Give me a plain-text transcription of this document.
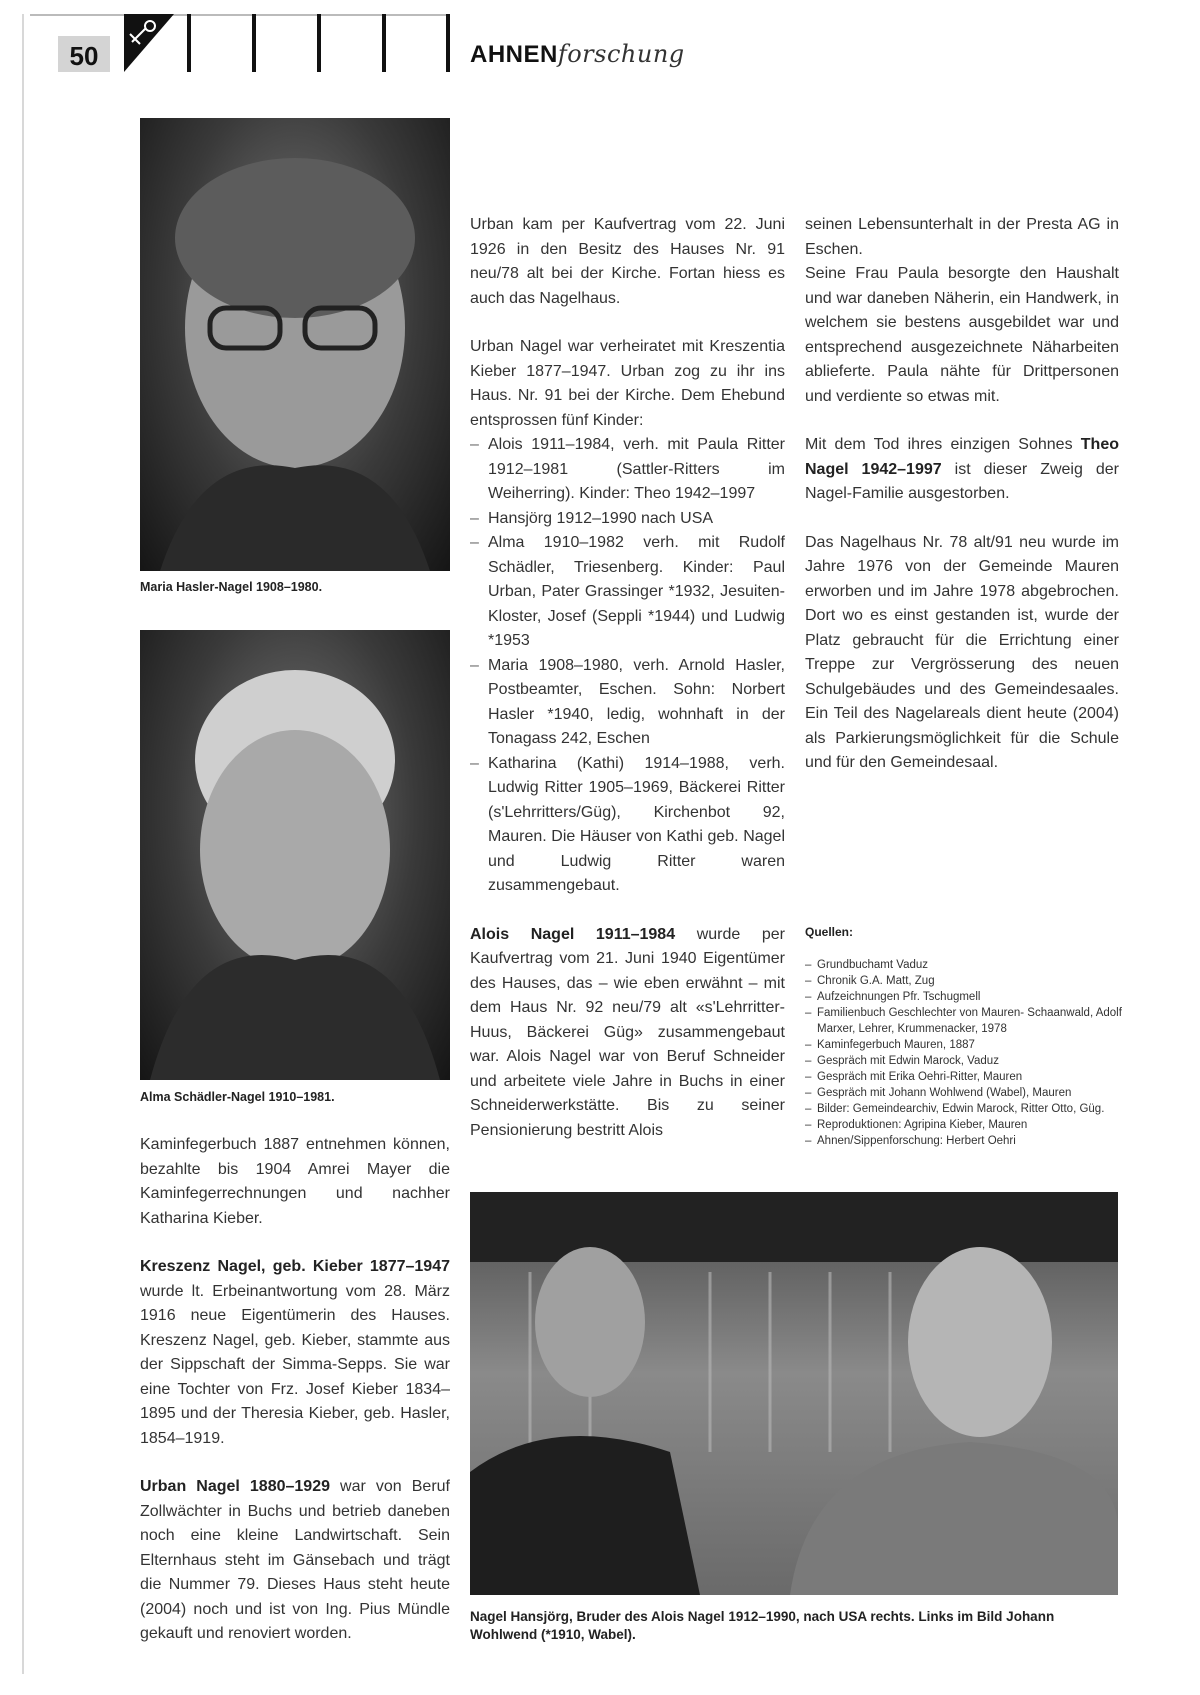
50	AHNENforschung
Maria Hasler-Nagel 1908–1980.
Alma Schädler-Nagel 1910–1981.

Kaminfegerbuch 1887 entnehmen können, bezahlte bis 1904 Amrei Mayer die Kaminfegerrechnungen und nachher Katharina Kieber.

Kreszenz Nagel, geb. Kieber 1877–1947 wurde lt. Erbeinantwortung vom 28. März 1916 neue Eigentümerin des Hauses. Kreszenz Nagel, geb. Kieber, stammte aus der Sippschaft der Simma-Sepps. Sie war eine Tochter von Frz. Josef Kieber 1834–1895 und der Theresia Kieber, geb. Hasler, 1854–1919.

Urban Nagel 1880–1929 war von Beruf Zollwächter in Buchs und betrieb daneben noch eine kleine Landwirtschaft. Sein Elternhaus steht im Gänsebach und trägt die Nummer 79. Dieses Haus steht heute (2004) noch und ist von Ing. Pius Mündle gekauft und renoviert worden.

Urban kam per Kaufvertrag vom 22. Juni 1926 in den Besitz des Hauses Nr. 91 neu/78 alt bei der Kirche. Fortan hiess es auch das Nagelhaus.

Urban Nagel war verheiratet mit Kreszentia Kieber 1877–1947. Urban zog zu ihr ins Haus. Nr. 91 bei der Kirche. Dem Ehebund entsprossen fünf Kinder:

– Alois 1911–1984, verh. mit Paula Ritter 1912–1981 (Sattler-Ritters im Weiherring). Kinder: Theo 1942–1997
– Hansjörg 1912–1990 nach USA
– Alma 1910–1982 verh. mit Rudolf Schädler, Triesenberg. Kinder: Paul Urban, Pater Grassinger *1932, Jesuiten-Kloster, Josef (Seppli *1944) und Ludwig *1953
– Maria 1908–1980, verh. Arnold Hasler, Postbeamter, Eschen. Sohn: Norbert Hasler *1940, ledig, wohnhaft in der Tonagass 242, Eschen
– Katharina (Kathi) 1914–1988, verh. Ludwig Ritter 1905–1969, Bäckerei Ritter (s'Lehrritters/Güg), Kirchenbot 92, Mauren. Die Häuser von Kathi geb. Nagel und Ludwig Ritter waren zusammengebaut.

Alois Nagel 1911–1984 wurde per Kaufvertrag vom 21. Juni 1940 Eigentümer des Hauses, das – wie eben erwähnt – mit dem Haus Nr. 92 neu/79 alt «s'Lehrritter-Huus, Bäckerei Güg» zusammengebaut war. Alois Nagel war von Beruf Schneider und arbeitete viele Jahre in Buchs in einer Schneiderwerkstätte. Bis zu seiner Pensionierung bestritt Alois

seinen Lebensunterhalt in der Presta AG in Eschen.

Seine Frau Paula besorgte den Haushalt und war daneben Näherin, ein Handwerk, in welchem sie bestens ausgebildet war und entsprechend ausgezeichnete Näharbeiten ablieferte. Paula nähte für Drittpersonen und verdiente so etwas mit.

Mit dem Tod ihres einzigen Sohnes Theo Nagel 1942–1997 ist dieser Zweig der Nagel-Familie ausgestorben.

Das Nagelhaus Nr. 78 alt/91 neu wurde im Jahre 1976 von der Gemeinde Mauren erworben und im Jahre 1978 abgebrochen. Dort wo es einst gestanden ist, wurde der Platz gebraucht für die Errichtung einer Treppe zur Vergrösserung des neuen Schulgebäudes und des Gemeindesaales. Ein Teil des Nagelareals dient heute (2004) als Parkierungsmöglichkeit für die Schule und für den Gemeindesaal.

Quellen:
– Grundbuchamt Vaduz
– Chronik G.A. Matt, Zug
– Aufzeichnungen Pfr. Tschugmell
– Familienbuch Geschlechter von Mauren- Schaanwald, Adolf Marxer, Lehrer, Krummenacker, 1978
– Kaminfegerbuch Mauren, 1887
– Gespräch mit Edwin Marock, Vaduz
– Gespräch mit Erika Oehri-Ritter, Mauren
– Gespräch mit Johann Wohlwend (Wabel), Mauren
– Bilder: Gemeindearchiv, Edwin Marock, Ritter Otto, Güg.
– Reproduktionen: Agripina Kieber, Mauren
– Ahnen/Sippenforschung: Herbert Oehri
Nagel Hansjörg, Bruder des Alois Nagel 1912–1990, nach USA rechts. Links im Bild Johann Wohlwend (*1910, Wabel).
